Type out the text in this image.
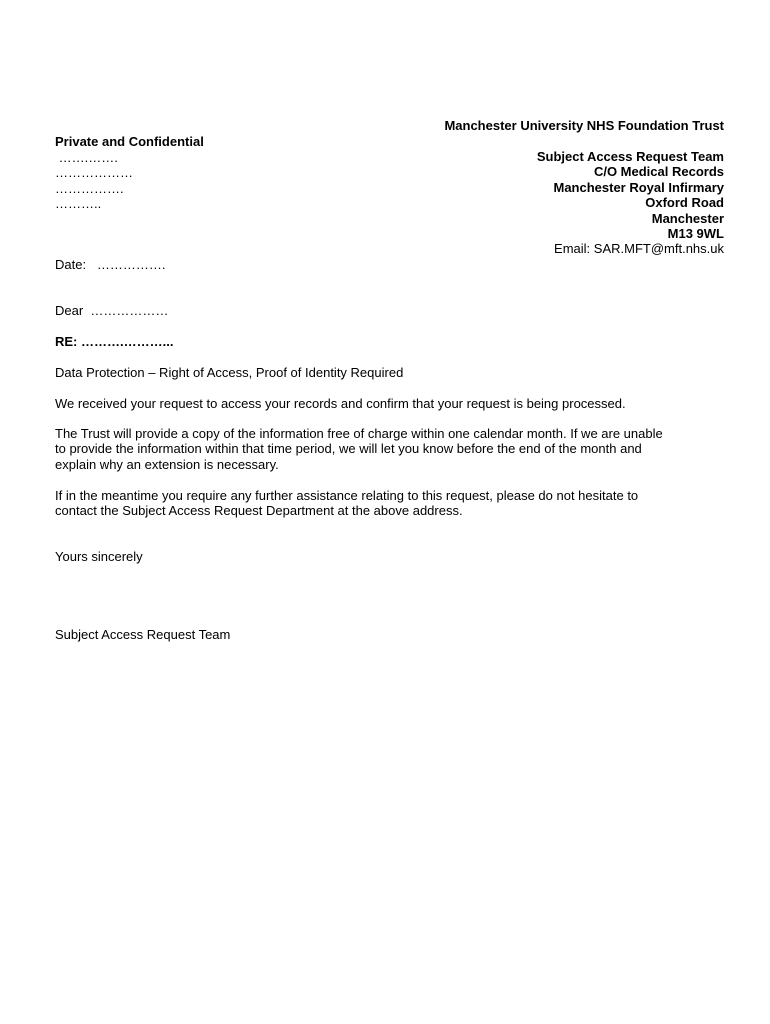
Manchester University NHS Foundation Trust
Subject Access Request Team
C/O Medical Records
Manchester Royal Infirmary
Oxford Road
Manchester
M13 9WL
Email: SAR.MFT@mft.nhs.uk
Private and Confidential
…….…….
………………
…………….
………..
Date:   …………….
Dear  ………………
RE: ……….………...
Data Protection – Right of Access, Proof of Identity Required
We received your request to access your records and confirm that your request is being processed.
The Trust will provide a copy of the information free of charge within one calendar month. If we are unable
to provide the information within that time period, we will let you know before the end of the month and
explain why an extension is necessary.
If in the meantime you require any further assistance relating to this request, please do not hesitate to
contact the Subject Access Request Department at the above address.
Yours sincerely
Subject Access Request Team
